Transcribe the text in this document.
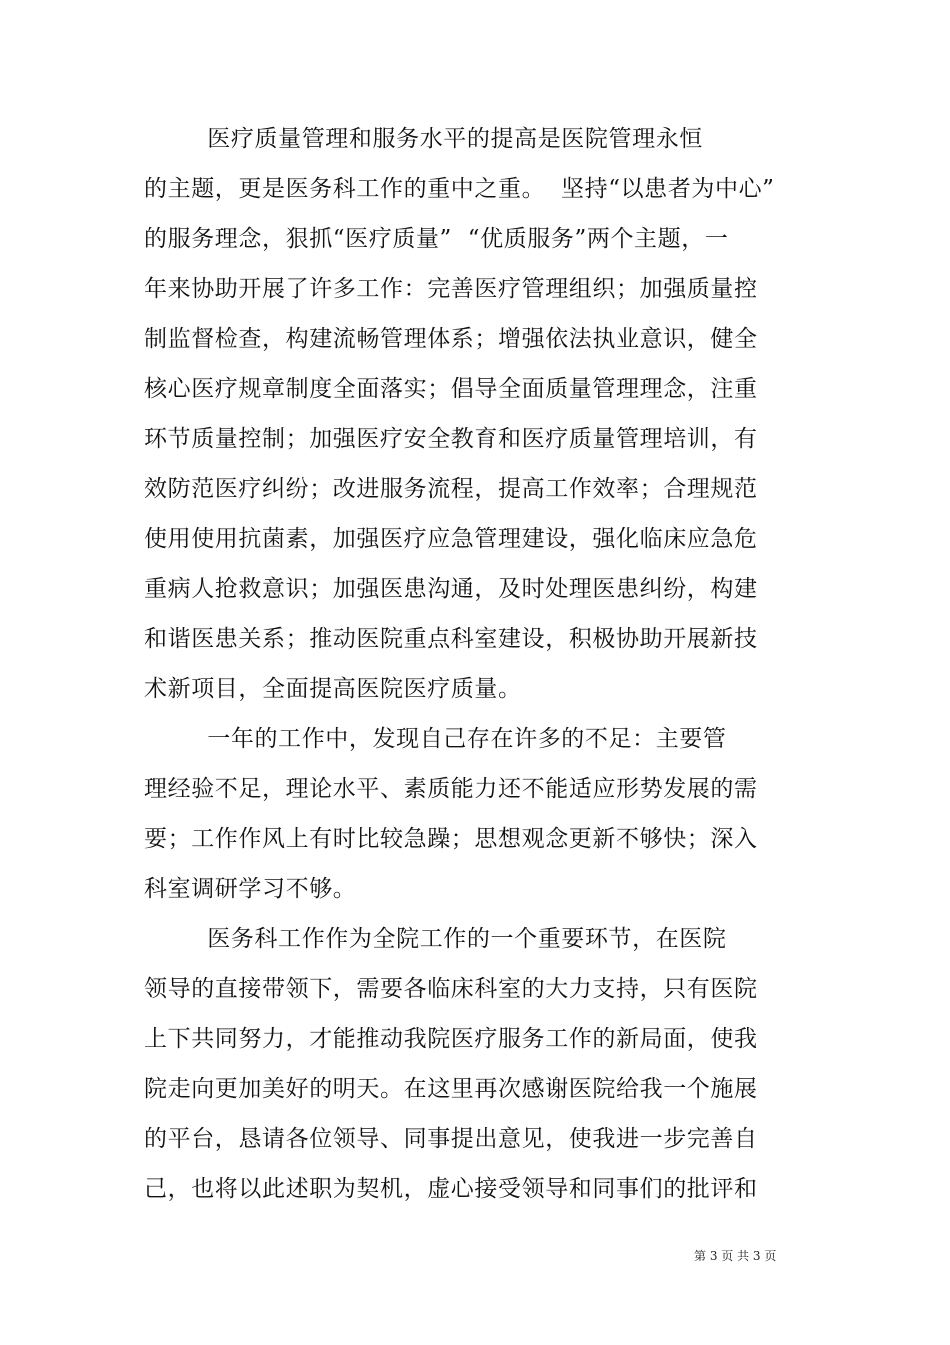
医疗质量管理和服务水平的提高是医院管理永恒
的主题，更是医务科工作的重中之重。  坚持“以患者为中心”
的服务理念，狠抓“医疗质量”  “优质服务”两个主题，一
年来协助开展了许多工作：完善医疗管理组织；加强质量控
制监督检查，构建流畅管理体系；增强依法执业意识，健全
核心医疗规章制度全面落实；倡导全面质量管理理念，注重
环节质量控制；加强医疗安全教育和医疗质量管理培训，有
效防范医疗纠纷；改进服务流程，提高工作效率；合理规范
使用使用抗菌素，加强医疗应急管理建设，强化临床应急危
重病人抢救意识；加强医患沟通，及时处理医患纠纷，构建
和谐医患关系；推动医院重点科室建设，积极协助开展新技
术新项目，全面提高医院医疗质量。
一年的工作中，发现自己存在许多的不足：主要管
理经验不足，理论水平、素质能力还不能适应形势发展的需
要；工作作风上有时比较急躁；思想观念更新不够快；深入
科室调研学习不够。
医务科工作作为全院工作的一个重要环节，在医院
领导的直接带领下，需要各临床科室的大力支持，只有医院
上下共同努力，才能推动我院医疗服务工作的新局面，使我
院走向更加美好的明天。在这里再次感谢医院给我一个施展
的平台，恳请各位领导、同事提出意见，使我进一步完善自
己，也将以此述职为契机，虚心接受领导和同事们的批评和
第 3 页 共 3 页
